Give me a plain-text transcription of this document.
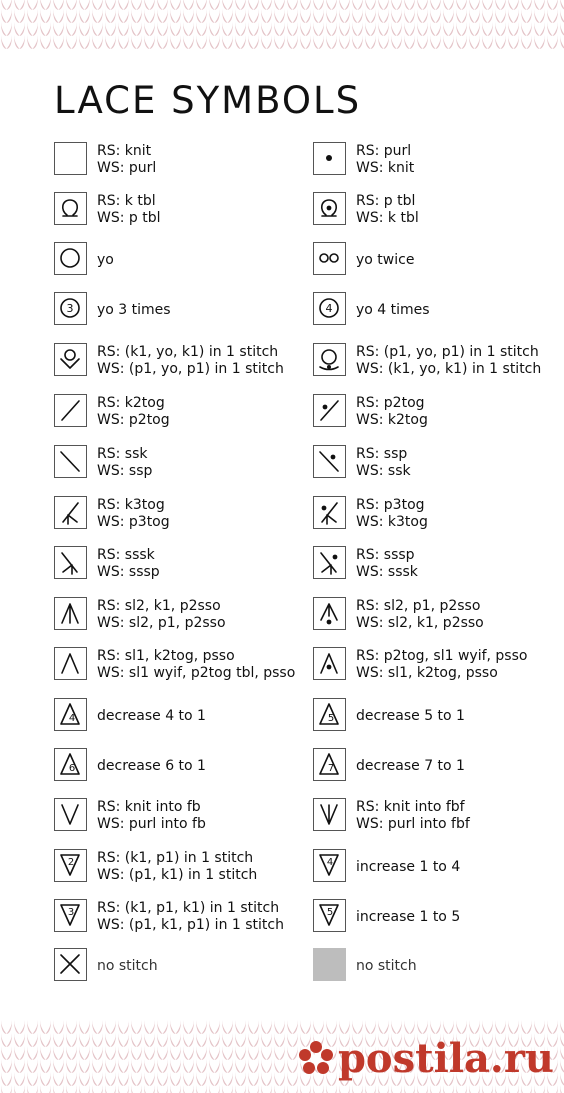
LACE SYMBOLS
RS: knit
WS: purl
RS: purl
WS: knit
RS: k tbl
WS: p tbl
RS: p tbl
WS: k tbl
yo	yo twice
3 yo 3 times	4 yo 4 times
RS: (k1, yo, k1) in 1 stitch
WS: (p1, yo, p1) in 1 stitch
RS: (p1, yo, p1) in 1 stitch
WS: (k1, yo, k1) in 1 stitch
RS: k2tog
WS: p2tog
RS: p2tog
WS: k2tog
RS: ssk
WS: ssp
RS: ssp
WS: ssk
RS: k3tog
WS: p3tog
RS: p3tog
WS: k3tog
RS: sssk
WS: sssp
RS: sssp
WS: sssk
RS: sl2, k1, p2sso
WS: sl2, p1, p2sso
RS: sl2, p1, p2sso
WS: sl2, k1, p2sso
RS: sl1, k2tog, psso
WS: sl1 wyif, p2tog tbl, psso
RS: p2tog, sl1 wyif, psso
WS: sl1, k2tog, psso
4 decrease 4 to 1	5 decrease 5 to 1
6 decrease 6 to 1	7 decrease 7 to 1
RS: knit into fb
WS: purl into fb
RS: knit into fbf
WS: purl into fbf
2 RS: (k1, p1) in 1 stitch
WS: (p1, k1) in 1 stitch
4 increase 1 to 4
3 RS: (k1, p1, k1) in 1 stitch
WS: (p1, k1, p1) in 1 stitch
5 increase 1 to 5
no stitch	no stitch
postila.ru
